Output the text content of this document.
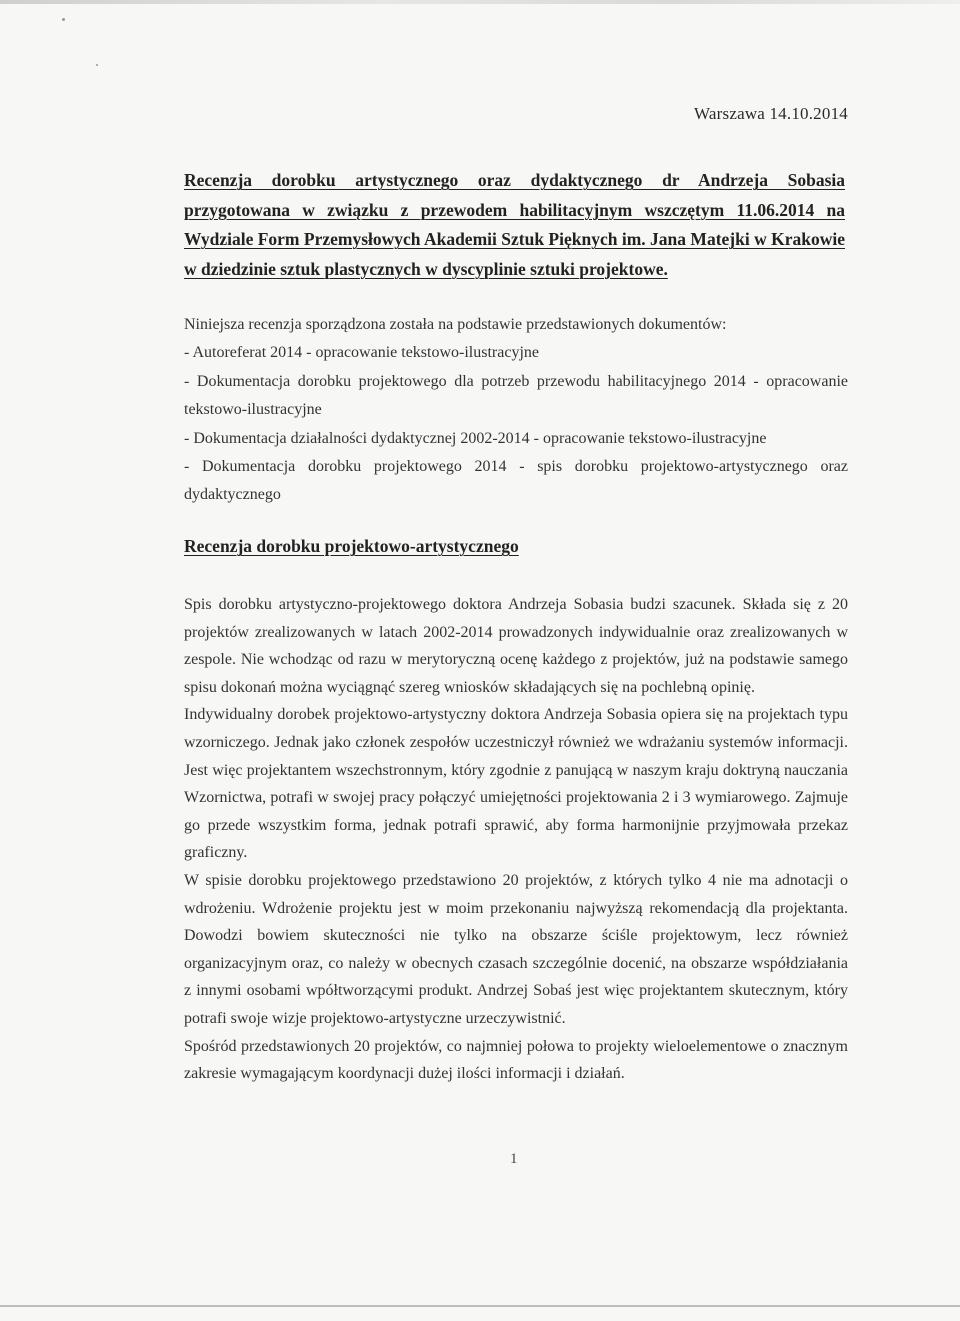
Warszawa 14.10.2014
Recenzja dorobku artystycznego oraz dydaktycznego dr Andrzeja Sobasia przygotowana w związku z przewodem habilitacyjnym wszczętym 11.06.2014 na Wydziale Form Przemysłowych Akademii Sztuk Pięknych im. Jana Matejki w Krakowie w dziedzinie sztuk plastycznych w dyscyplinie sztuki projektowe.

Niniejsza recenzja sporządzona została na podstawie przedstawionych dokumentów:

- Autoreferat 2014 - opracowanie tekstowo-ilustracyjne

- Dokumentacja dorobku projektowego dla potrzeb przewodu habilitacyjnego 2014 - opracowanie tekstowo-ilustracyjne

- Dokumentacja działalności dydaktycznej 2002-2014 - opracowanie tekstowo-ilustracyjne

- Dokumentacja dorobku projektowego 2014 - spis dorobku projektowo-artystycznego oraz dydaktycznego

Recenzja dorobku projektowo-artystycznego

Spis dorobku artystyczno-projektowego doktora Andrzeja Sobasia budzi szacunek. Składa się z 20 projektów zrealizowanych w latach 2002-2014 prowadzonych indywidualnie oraz zrealizowanych w zespole. Nie wchodząc od razu w merytoryczną ocenę każdego z projektów, już na podstawie samego spisu dokonań można wyciągnąć szereg wniosków składających się na pochlebną opinię.

Indywidualny dorobek projektowo-artystyczny doktora Andrzeja Sobasia opiera się na projektach typu wzorniczego. Jednak jako członek zespołów uczestniczył również we wdrażaniu systemów informacji. Jest więc projektantem wszechstronnym, który zgodnie z panującą w naszym kraju doktryną nauczania Wzornictwa, potrafi w swojej pracy połączyć umiejętności projektowania 2 i 3 wymiarowego. Zajmuje go przede wszystkim forma, jednak potrafi sprawić, aby forma harmonijnie przyjmowała przekaz graficzny.

W spisie dorobku projektowego przedstawiono 20 projektów, z których tylko 4 nie ma adnotacji o wdrożeniu. Wdrożenie projektu jest w moim przekonaniu najwyższą rekomendacją dla projektanta. Dowodzi bowiem skuteczności nie tylko na obszarze ściśle projektowym, lecz również organizacyjnym oraz, co należy w obecnych czasach szczególnie docenić, na obszarze współdziałania z innymi osobami wpółtworzącymi produkt. Andrzej Sobaś jest więc projektantem skutecznym, który potrafi swoje wizje projektowo-artystyczne urzeczywistnić.

Spośród przedstawionych 20 projektów, co najmniej połowa to projekty wieloelementowe o znacznym zakresie wymagającym koordynacji dużej ilości informacji i działań.

1
